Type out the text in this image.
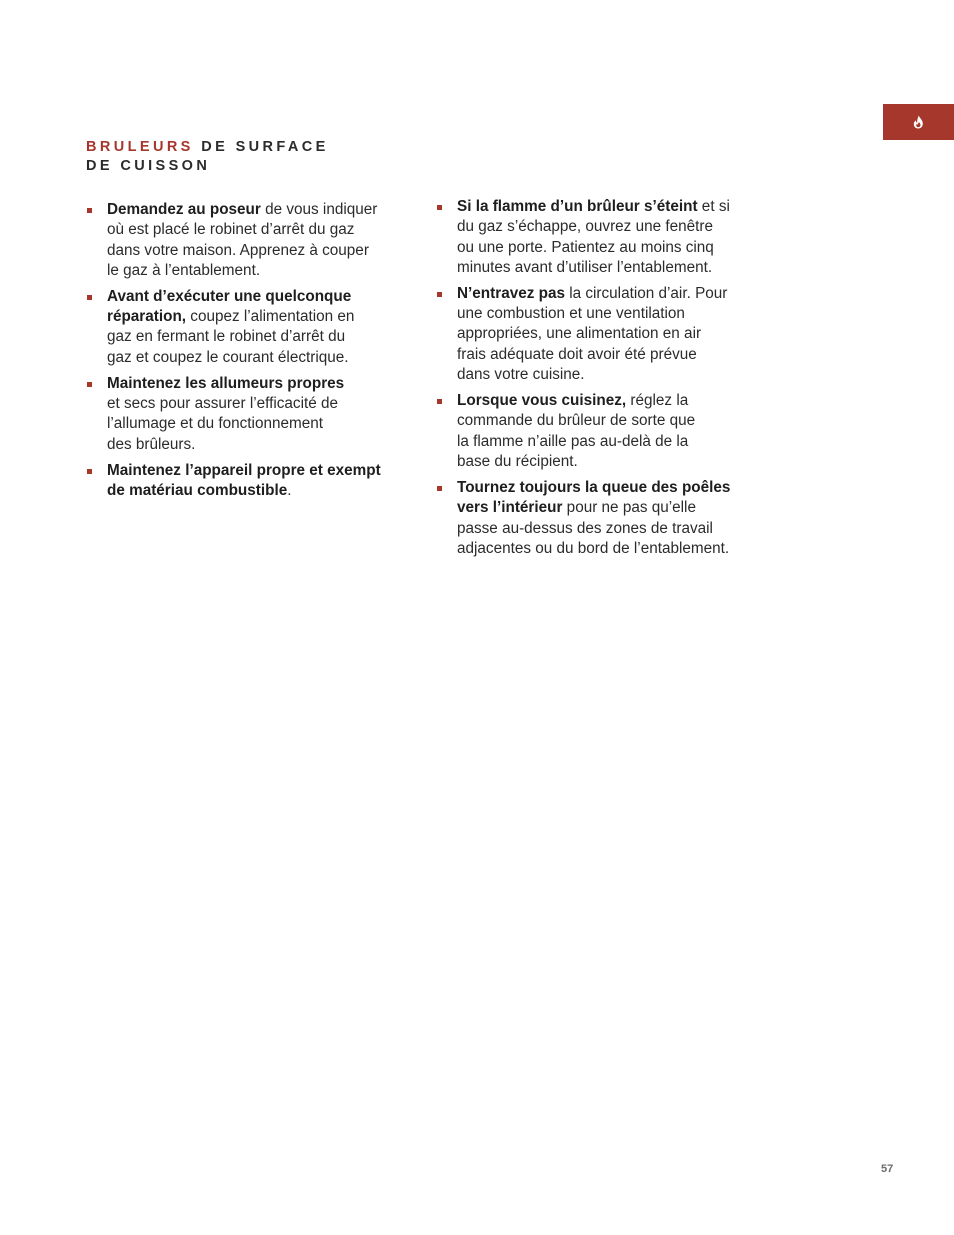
BRULEURS DE SURFACE
DE CUISSON
Demandez au poseur de vous indiquer
où est placé le robinet d’arrêt du gaz
dans votre maison. Apprenez à couper
le gaz à l’entablement.
Avant d’exécuter une quelconque
réparation, coupez l’alimentation en
gaz en fermant le robinet d’arrêt du
gaz et coupez le courant électrique.
Maintenez les allumeurs propres
et secs pour assurer l’efficacité de
l’allumage et du fonctionnement
des brûleurs.
Maintenez l’appareil propre et exempt
de matériau combustible.
Si la flamme d’un brûleur s’éteint et si
du gaz s’échappe, ouvrez une fenêtre
ou une porte. Patientez au moins cinq
minutes avant d’utiliser l’entablement.
N’entravez pas la circulation d’air. Pour
une combustion et une ventilation
appropriées, une alimentation en air
frais adéquate doit avoir été prévue
dans votre cuisine.
Lorsque vous cuisinez, réglez la
commande du brûleur de sorte que
la flamme n’aille pas au-delà de la
base du récipient.
Tournez toujours la queue des poêles
vers l’intérieur pour ne pas qu’elle
passe au-dessus des zones de travail
adjacentes ou du bord de l’entablement.
57
